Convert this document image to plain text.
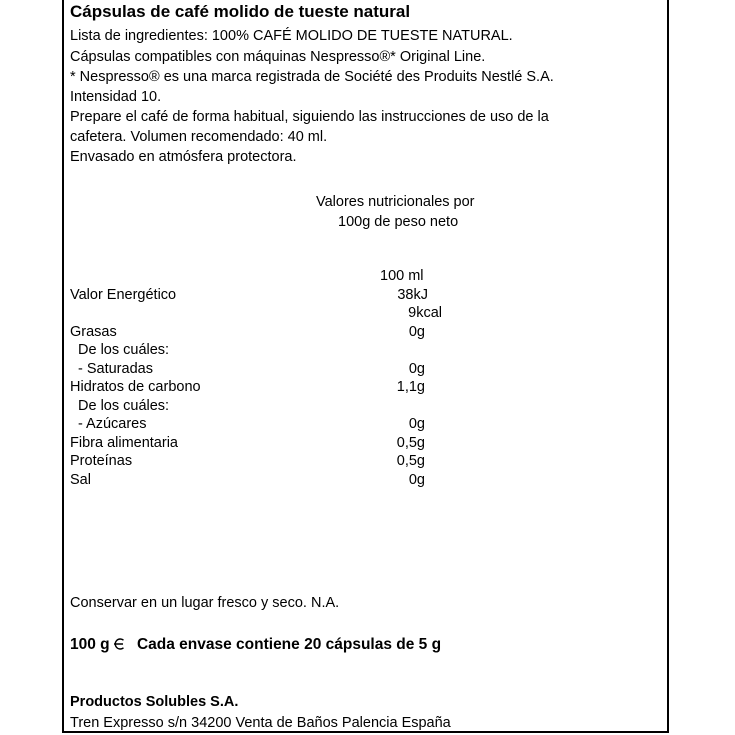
Cápsulas de café molido de tueste natural
Lista de ingredientes: 100% CAFÉ MOLIDO DE TUESTE NATURAL.
Cápsulas compatibles con máquinas Nespresso®* Original Line.
* Nespresso® es una marca registrada de Société des Produits Nestlé S.A.
Intensidad 10.
Prepare el café de forma habitual, siguiendo las instrucciones de uso de la
cafetera. Volumen recomendado: 40 ml.
Envasado en atmósfera protectora.
Valores nutricionales por
100g de peso neto
100 ml
Valor Energético	38kJ
9kcal
Grasas	0g
De los cuáles:
- Saturadas	0g
Hidratos de carbono	1,1g
De los cuáles:
- Azúcares	0g
Fibra alimentaria	0,5g
Proteínas	0,5g
Sal	0g
Conservar en un lugar fresco y seco. N.A.
100 g Cada envase contiene 20 cápsulas de 5 g
Productos Solubles S.A.
Tren Expresso s/n 34200 Venta de Baños Palencia España
